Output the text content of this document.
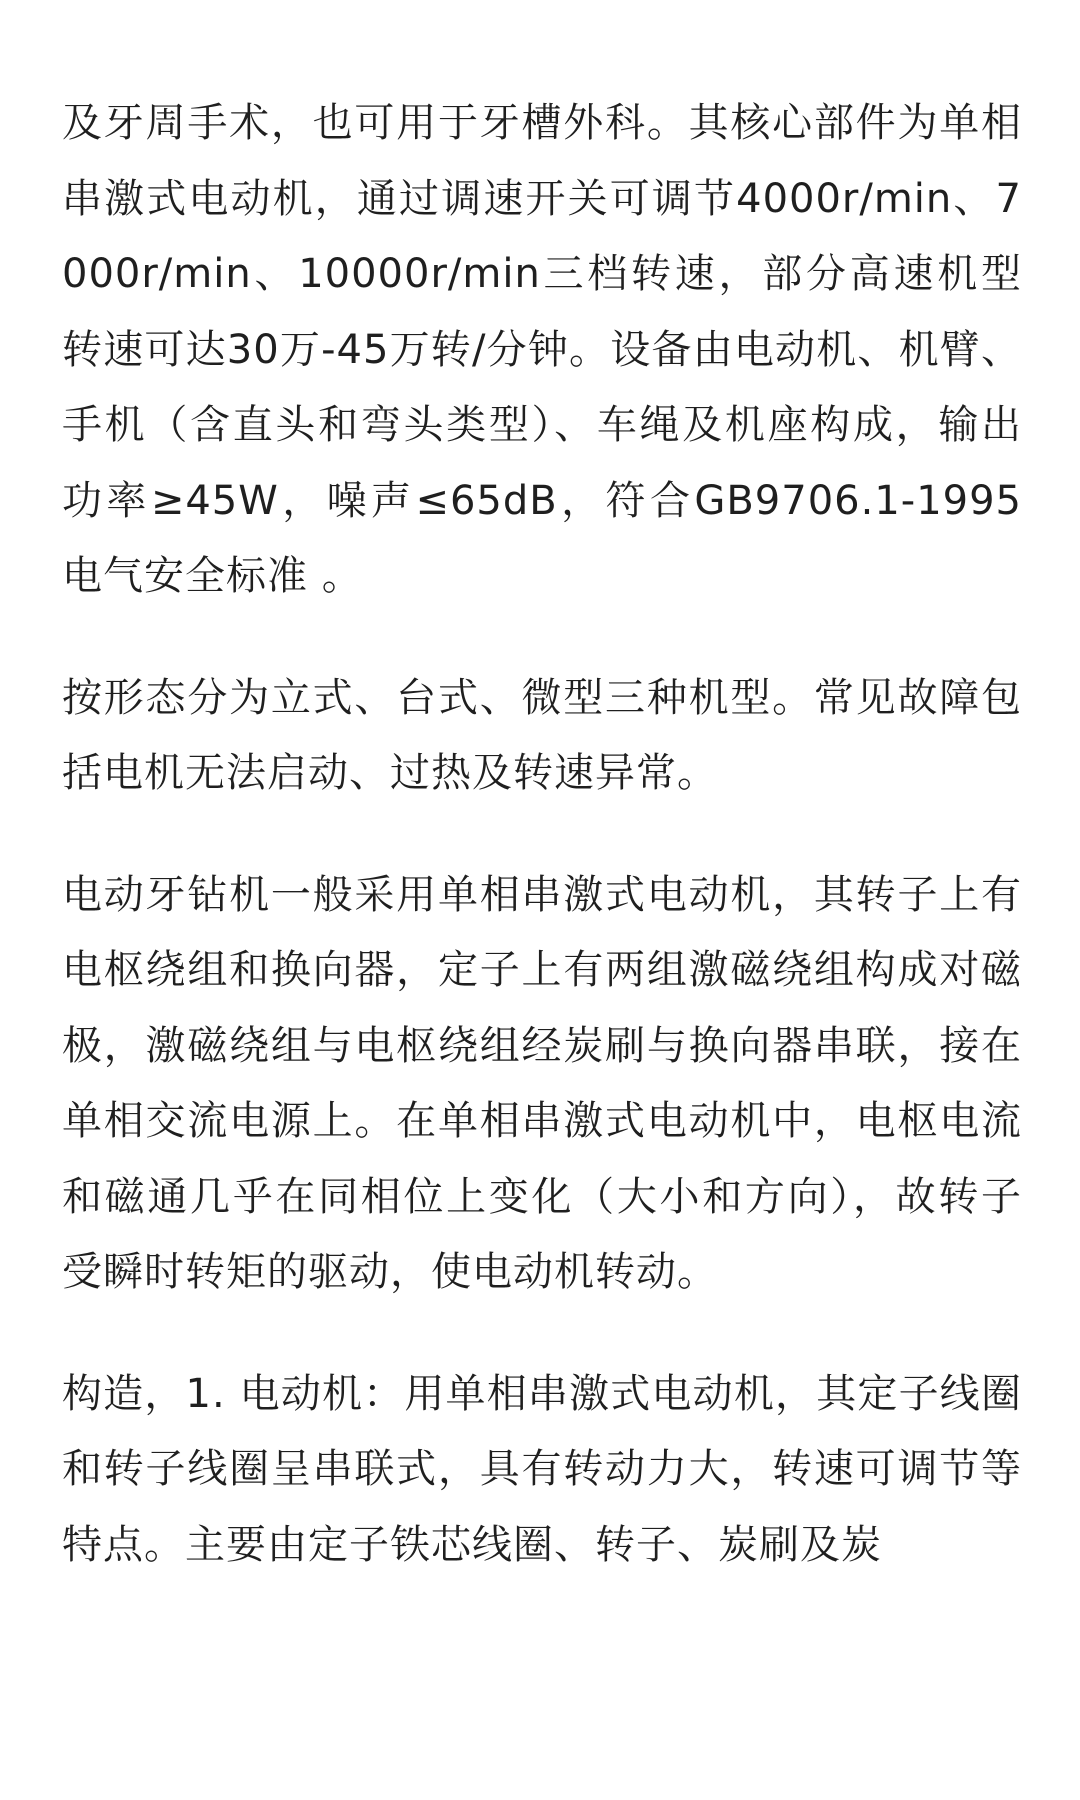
及牙周手术，也可用于牙槽外科。其核心部件为单相串激式电动机，通过调速开关可调节4000r/min、7000r/min、10000r/min三档转速，部分高速机型转速可达30万-45万转/分钟。设备由电动机、机臂、手机（含直头和弯头类型）、车绳及机座构成，输出功率≥45W，噪声≤65dB，符合GB9706.1-1995电气安全标准 。

按形态分为立式、台式、微型三种机型。常见故障包括电机无法启动、过热及转速异常。

电动牙钻机一般采用单相串激式电动机，其转子上有电枢绕组和换向器，定子上有两组激磁绕组构成对磁极，激磁绕组与电枢绕组经炭刷与换向器串联，接在单相交流电源上。在单相串激式电动机中，电枢电流和磁通几乎在同相位上变化（大小和方向），故转子受瞬时转矩的驱动，使电动机转动。

构造，1. 电动机：用单相串激式电动机，其定子线圈和转子线圈呈串联式，具有转动力大，转速可调节等特点。主要由定子铁芯线圈、转子、炭刷及炭
